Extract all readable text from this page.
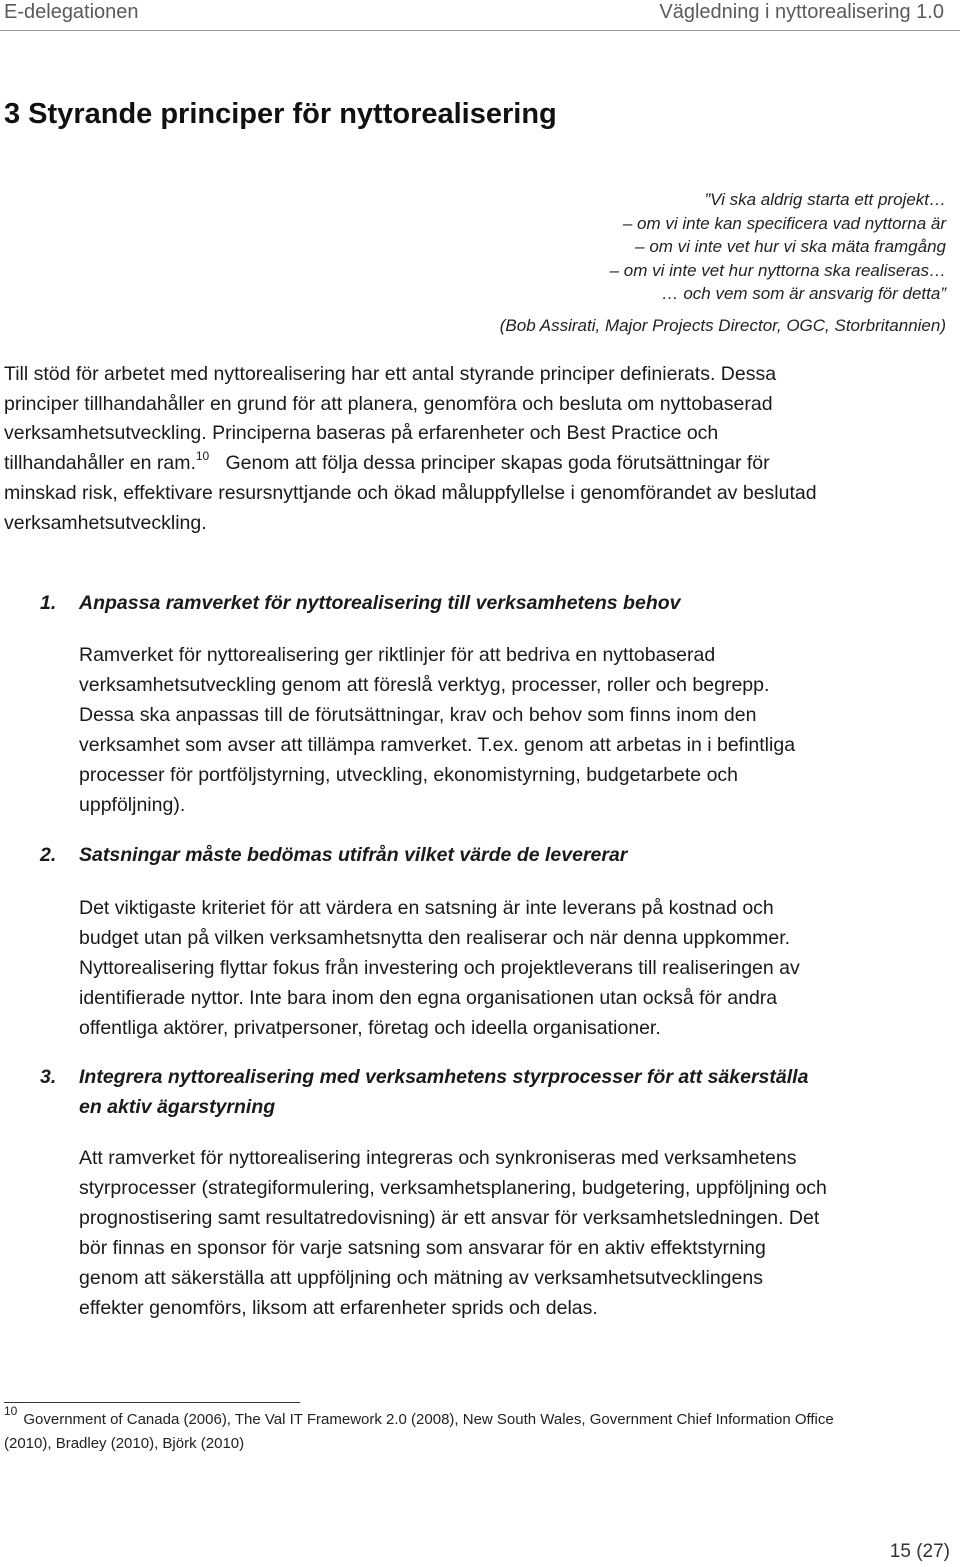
E-delegationen	Vägledning i nyttorealisering 1.0
3 Styrande principer för nyttorealisering
”Vi ska aldrig starta ett projekt…
– om vi inte kan specificera vad nyttorna är
– om vi inte vet hur vi ska mäta framgång
– om vi inte vet hur nyttorna ska realiseras…
… och vem som är ansvarig för detta”
(Bob Assirati, Major Projects Director, OGC, Storbritannien)

Till stöd för arbetet med nyttorealisering har ett antal styrande principer definierats. Dessa
principer tillhandahåller en grund för att planera, genomföra och besluta om nyttobaserad
verksamhetsutveckling. Principerna baseras på erfarenheter och Best Practice och
tillhandahåller en ram.$^{10}$ Genom att följa dessa principer skapas goda förutsättningar för
minskad risk, effektivare resursnyttjande och ökad måluppfyllelse i genomförandet av beslutad
verksamhetsutveckling.

1. Anpassa ramverket för nyttorealisering till verksamhetens behov

Ramverket för nyttorealisering ger riktlinjer för att bedriva en nyttobaserad
verksamhetsutveckling genom att föreslå verktyg, processer, roller och begrepp.
Dessa ska anpassas till de förutsättningar, krav och behov som finns inom den
verksamhet som avser att tillämpa ramverket. T.ex. genom att arbetas in i befintliga
processer för portföljstyrning, utveckling, ekonomistyrning, budgetarbete och
uppföljning).

2. Satsningar måste bedömas utifrån vilket värde de levererar

Det viktigaste kriteriet för att värdera en satsning är inte leverans på kostnad och
budget utan på vilken verksamhetsnytta den realiserar och när denna uppkommer.
Nyttorealisering flyttar fokus från investering och projektleverans till realiseringen av
identifierade nyttor. Inte bara inom den egna organisationen utan också för andra
offentliga aktörer, privatpersoner, företag och ideella organisationer.

3. Integrera nyttorealisering med verksamhetens styrprocesser för att säkerställa
en aktiv ägarstyrning

Att ramverket för nyttorealisering integreras och synkroniseras med verksamhetens
styrprocesser (strategiformulering, verksamhetsplanering, budgetering, uppföljning och
prognostisering samt resultatredovisning) är ett ansvar för verksamhetsledningen. Det
bör finnas en sponsor för varje satsning som ansvarar för en aktiv effektstyrning
genom att säkerställa att uppföljning och mätning av verksamhetsutvecklingens
effekter genomförs, liksom att erfarenheter sprids och delas.

$^{10}$ Government of Canada (2006), The Val IT Framework 2.0 (2008), New South Wales, Government Chief Information Office
(2010), Bradley (2010), Björk (2010)
15 (27)
